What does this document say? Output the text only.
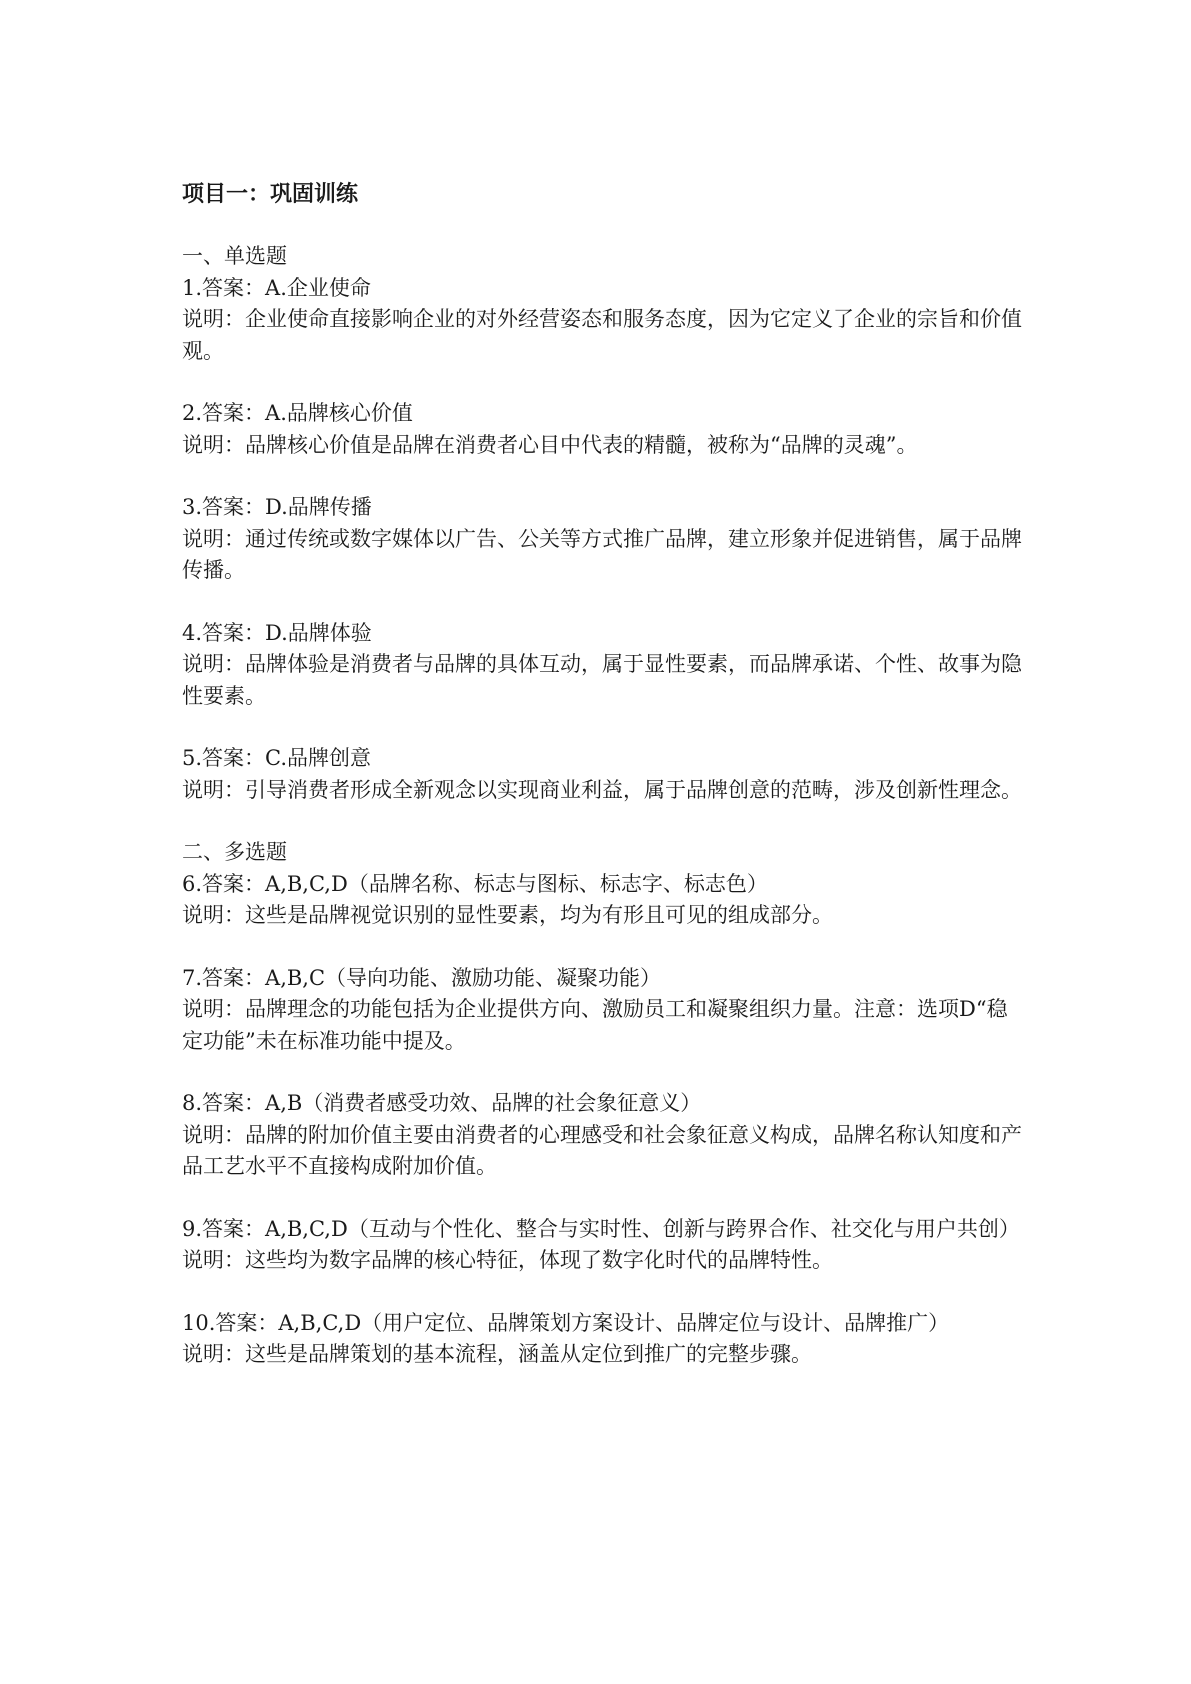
项目一：巩固训练

一、单选题

1.答案：A.企业使命

说明：企业使命直接影响企业的对外经营姿态和服务态度，因为它定义了企业的宗旨和价值观。

2.答案：A.品牌核心价值

说明：品牌核心价值是品牌在消费者心目中代表的精髓，被称为“品牌的灵魂”。

3.答案：D.品牌传播

说明：通过传统或数字媒体以广告、公关等方式推广品牌，建立形象并促进销售，属于品牌传播。

4.答案：D.品牌体验

说明：品牌体验是消费者与品牌的具体互动，属于显性要素，而品牌承诺、个性、故事为隐性要素。

5.答案：C.品牌创意

说明：引导消费者形成全新观念以实现商业利益，属于品牌创意的范畴，涉及创新性理念。

二、多选题

6.答案：A,B,C,D（品牌名称、标志与图标、标志字、标志色）

说明：这些是品牌视觉识别的显性要素，均为有形且可见的组成部分。

7.答案：A,B,C（导向功能、激励功能、凝聚功能）

说明：品牌理念的功能包括为企业提供方向、激励员工和凝聚组织力量。注意：选项D“稳定功能”未在标准功能中提及。

8.答案：A,B（消费者感受功效、品牌的社会象征意义）

说明：品牌的附加价值主要由消费者的心理感受和社会象征意义构成，品牌名称认知度和产品工艺水平不直接构成附加价值。

9.答案：A,B,C,D（互动与个性化、整合与实时性、创新与跨界合作、社交化与用户共创）

说明：这些均为数字品牌的核心特征，体现了数字化时代的品牌特性。

10.答案：A,B,C,D（用户定位、品牌策划方案设计、品牌定位与设计、品牌推广）

说明：这些是品牌策划的基本流程，涵盖从定位到推广的完整步骤。
